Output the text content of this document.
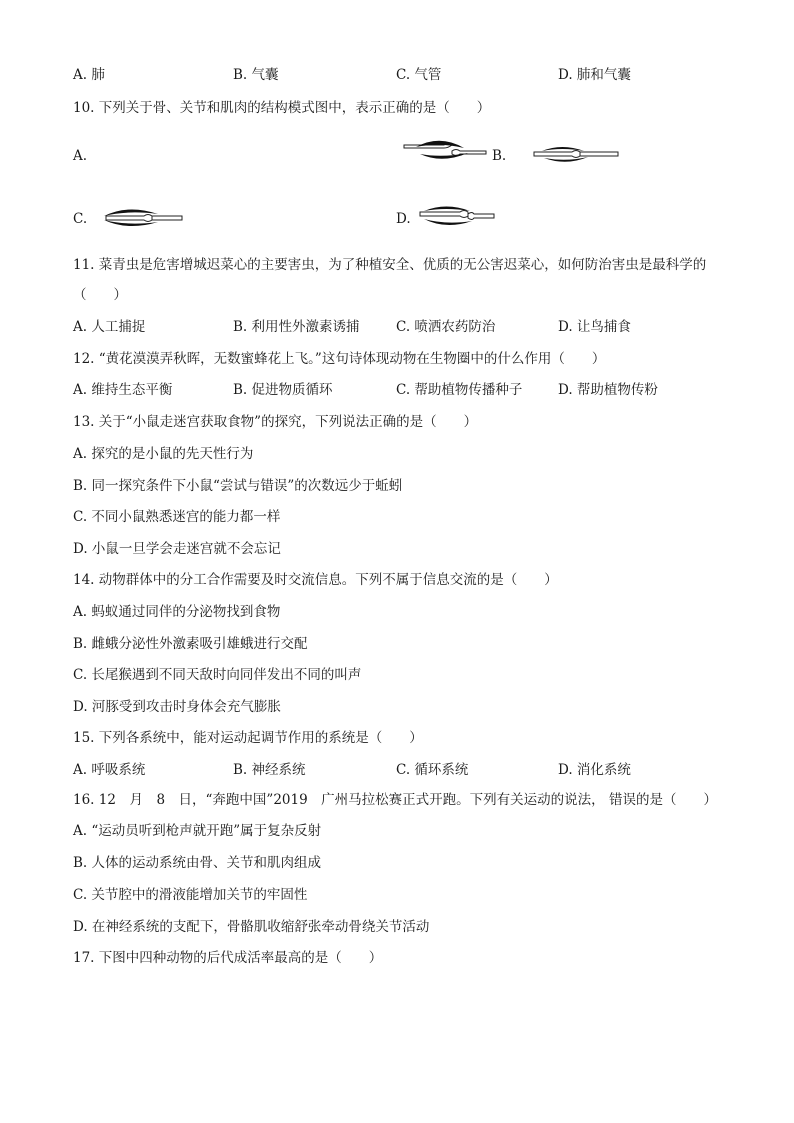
A. 肺	B. 气囊	C. 气管	D. 肺和气囊
10. 下列关于骨、关节和肌肉的结构模式图中，表示正确的是（　　）
A.	B.
C.	D.
11. 菜青虫是危害增城迟菜心的主要害虫，为了种植安全、优质的无公害迟菜心，如何防治害虫是最科学的
（　　）
A. 人工捕捉	B. 利用性外激素诱捕	C. 喷洒农药防治	D. 让鸟捕食
12. “黄花漠漠弄秋晖，无数蜜蜂花上飞。”这句诗体现动物在生物圈中的什么作用（　　）
A. 维持生态平衡	B. 促进物质循环	C. 帮助植物传播种子	D. 帮助植物传粉
13. 关于“小鼠走迷宫获取食物”的探究，下列说法正确的是（　　）
A. 探究的是小鼠的先天性行为
B. 同一探究条件下小鼠“尝试与错误”的次数远少于蚯蚓
C. 不同小鼠熟悉迷宫的能力都一样
D. 小鼠一旦学会走迷宫就不会忘记
14. 动物群体中的分工合作需要及时交流信息。下列不属于信息交流的是（　　）
A. 蚂蚁通过同伴的分泌物找到食物
B. 雌蛾分泌性外激素吸引雄蛾进行交配
C. 长尾猴遇到不同天敌时向同伴发出不同的叫声
D. 河豚受到攻击时身体会充气膨胀
15. 下列各系统中，能对运动起调节作用的系统是（　　）
A. 呼吸系统	B. 神经系统	C. 循环系统	D. 消化系统
16. 12　月　8　日，“奔跑中国”2019　广州马拉松赛正式开跑。下列有关运动的说法， 错误的是（　　）
A. “运动员听到枪声就开跑”属于复杂反射
B. 人体的运动系统由骨、关节和肌肉组成
C. 关节腔中的滑液能增加关节的牢固性
D. 在神经系统的支配下，骨骼肌收缩舒张牵动骨绕关节活动
17. 下图中四种动物的后代成活率最高的是（　　）
